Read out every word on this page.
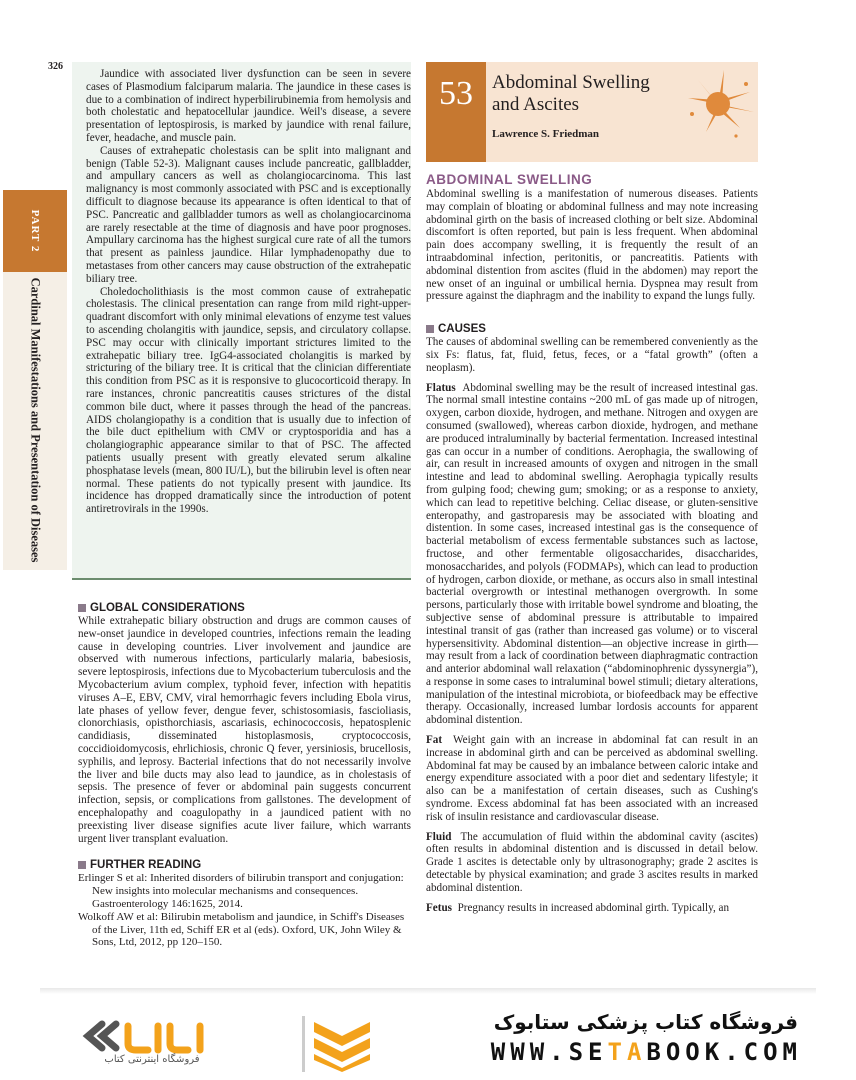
326
PART 2
Cardinal Manifestations and Presentation of Diseases

Jaundice with associated liver dysfunction can be seen in severe cases of Plasmodium falciparum malaria. The jaundice in these cases is due to a combination of indirect hyperbilirubinemia from hemolysis and both cholestatic and hepatocellular jaundice. Weil's disease, a severe presentation of leptospirosis, is marked by jaundice with renal failure, fever, headache, and muscle pain.

Causes of extrahepatic cholestasis can be split into malignant and benign (Table 52-3). Malignant causes include pancreatic, gallbladder, and ampullary cancers as well as cholangiocarcinoma. This last malignancy is most commonly associated with PSC and is exceptionally difficult to diagnose because its appearance is often identical to that of PSC. Pancreatic and gallbladder tumors as well as cholangiocarcinoma are rarely resectable at the time of diagnosis and have poor prognoses. Ampullary carcinoma has the highest surgical cure rate of all the tumors that present as painless jaundice. Hilar lymphadenopathy due to metastases from other cancers may cause obstruction of the extrahepatic biliary tree.

Choledocholithiasis is the most common cause of extrahepatic cholestasis. The clinical presentation can range from mild right-upper-quadrant discomfort with only minimal elevations of enzyme test values to ascending cholangitis with jaundice, sepsis, and circulatory collapse. PSC may occur with clinically important strictures limited to the extrahepatic biliary tree. IgG4-associated cholangitis is marked by stricturing of the biliary tree. It is critical that the clinician differentiate this condition from PSC as it is responsive to glucocorticoid therapy. In rare instances, chronic pancreatitis causes strictures of the distal common bile duct, where it passes through the head of the pancreas. AIDS cholangiopathy is a condition that is usually due to infection of the bile duct epithelium with CMV or cryptosporidia and has a cholangiographic appearance similar to that of PSC. The affected patients usually present with greatly elevated serum alkaline phosphatase levels (mean, 800 IU/L), but the bilirubin level is often near normal. These patients do not typically present with jaundice. Its incidence has dropped dramatically since the introduction of potent antiretrovirals in the 1990s.

GLOBAL CONSIDERATIONS

While extrahepatic biliary obstruction and drugs are common causes of new-onset jaundice in developed countries, infections remain the leading cause in developing countries. Liver involvement and jaundice are observed with numerous infections, particularly malaria, babesiosis, severe leptospirosis, infections due to Mycobacterium tuberculosis and the Mycobacterium avium complex, typhoid fever, infection with hepatitis viruses A–E, EBV, CMV, viral hemorrhagic fevers including Ebola virus, late phases of yellow fever, dengue fever, schistosomiasis, fascioliasis, clonorchiasis, opisthorchiasis, ascariasis, echinococcosis, hepatosplenic candidiasis, disseminated histoplasmosis, cryptococcosis, coccidioidomycosis, ehrlichiosis, chronic Q fever, yersiniosis, brucellosis, syphilis, and leprosy. Bacterial infections that do not necessarily involve the liver and bile ducts may also lead to jaundice, as in cholestasis of sepsis. The presence of fever or abdominal pain suggests concurrent infection, sepsis, or complications from gallstones. The development of encephalopathy and coagulopathy in a jaundiced patient with no preexisting liver disease signifies acute liver failure, which warrants urgent liver transplant evaluation.

FURTHER READING

Erlinger S et al: Inherited disorders of bilirubin transport and conjugation: New insights into molecular mechanisms and consequences. Gastroenterology 146:1625, 2014.

Wolkoff AW et al: Bilirubin metabolism and jaundice, in Schiff's Diseases of the Liver, 11th ed, Schiff ER et al (eds). Oxford, UK, John Wiley & Sons, Ltd, 2012, pp 120–150.

53	Abdominal Swelling
and Ascites
Lawrence S. Friedman
ABDOMINAL SWELLING

Abdominal swelling is a manifestation of numerous diseases. Patients may complain of bloating or abdominal fullness and may note increasing abdominal girth on the basis of increased clothing or belt size. Abdominal discomfort is often reported, but pain is less frequent. When abdominal pain does accompany swelling, it is frequently the result of an intraabdominal infection, peritonitis, or pancreatitis. Patients with abdominal distention from ascites (fluid in the abdomen) may report the new onset of an inguinal or umbilical hernia. Dyspnea may result from pressure against the diaphragm and the inability to expand the lungs fully.

CAUSES

The causes of abdominal swelling can be remembered conveniently as the six Fs: flatus, fat, fluid, fetus, feces, or a “fatal growth” (often a neoplasm).

Flatus Abdominal swelling may be the result of increased intestinal gas. The normal small intestine contains ~200 mL of gas made up of nitrogen, oxygen, carbon dioxide, hydrogen, and methane. Nitrogen and oxygen are consumed (swallowed), whereas carbon dioxide, hydrogen, and methane are produced intraluminally by bacterial fermentation. Increased intestinal gas can occur in a number of conditions. Aerophagia, the swallowing of air, can result in increased amounts of oxygen and nitrogen in the small intestine and lead to abdominal swelling. Aerophagia typically results from gulping food; chewing gum; smoking; or as a response to anxiety, which can lead to repetitive belching. Celiac disease, or gluten-sensitive enteropathy, and gastroparesis may be associated with bloating and distention. In some cases, increased intestinal gas is the consequence of bacterial metabolism of excess fermentable substances such as lactose, fructose, and other fermentable oligosaccharides, disaccharides, monosaccharides, and polyols (FODMAPs), which can lead to production of hydrogen, carbon dioxide, or methane, as occurs also in small intestinal bacterial overgrowth or intestinal methanogen overgrowth. In some persons, particularly those with irritable bowel syndrome and bloating, the subjective sense of abdominal pressure is attributable to impaired intestinal transit of gas (rather than increased gas volume) or to visceral hypersensitivity. Abdominal distention—an objective increase in girth—may result from a lack of coordination between diaphragmatic contraction and anterior abdominal wall relaxation (“abdominophrenic dyssynergia”), a response in some cases to intraluminal bowel stimuli; dietary alterations, manipulation of the intestinal microbiota, or biofeedback may be effective therapy. Occasionally, increased lumbar lordosis accounts for apparent abdominal distention.

Fat Weight gain with an increase in abdominal fat can result in an increase in abdominal girth and can be perceived as abdominal swelling. Abdominal fat may be caused by an imbalance between caloric intake and energy expenditure associated with a poor diet and sedentary lifestyle; it also can be a manifestation of certain diseases, such as Cushing's syndrome. Excess abdominal fat has been associated with an increased risk of insulin resistance and cardiovascular disease.

Fluid The accumulation of fluid within the abdominal cavity (ascites) often results in abdominal distention and is discussed in detail below. Grade 1 ascites is detectable only by ultrasonography; grade 2 ascites is detectable by physical examination; and grade 3 ascites results in marked abdominal distention.

Fetus Pregnancy results in increased abdominal girth. Typically, an

فروشگاه اینترنتی کتاب
فروشگاه کتاب پزشکی ستابوک
WWW.SETABOOK.COM
